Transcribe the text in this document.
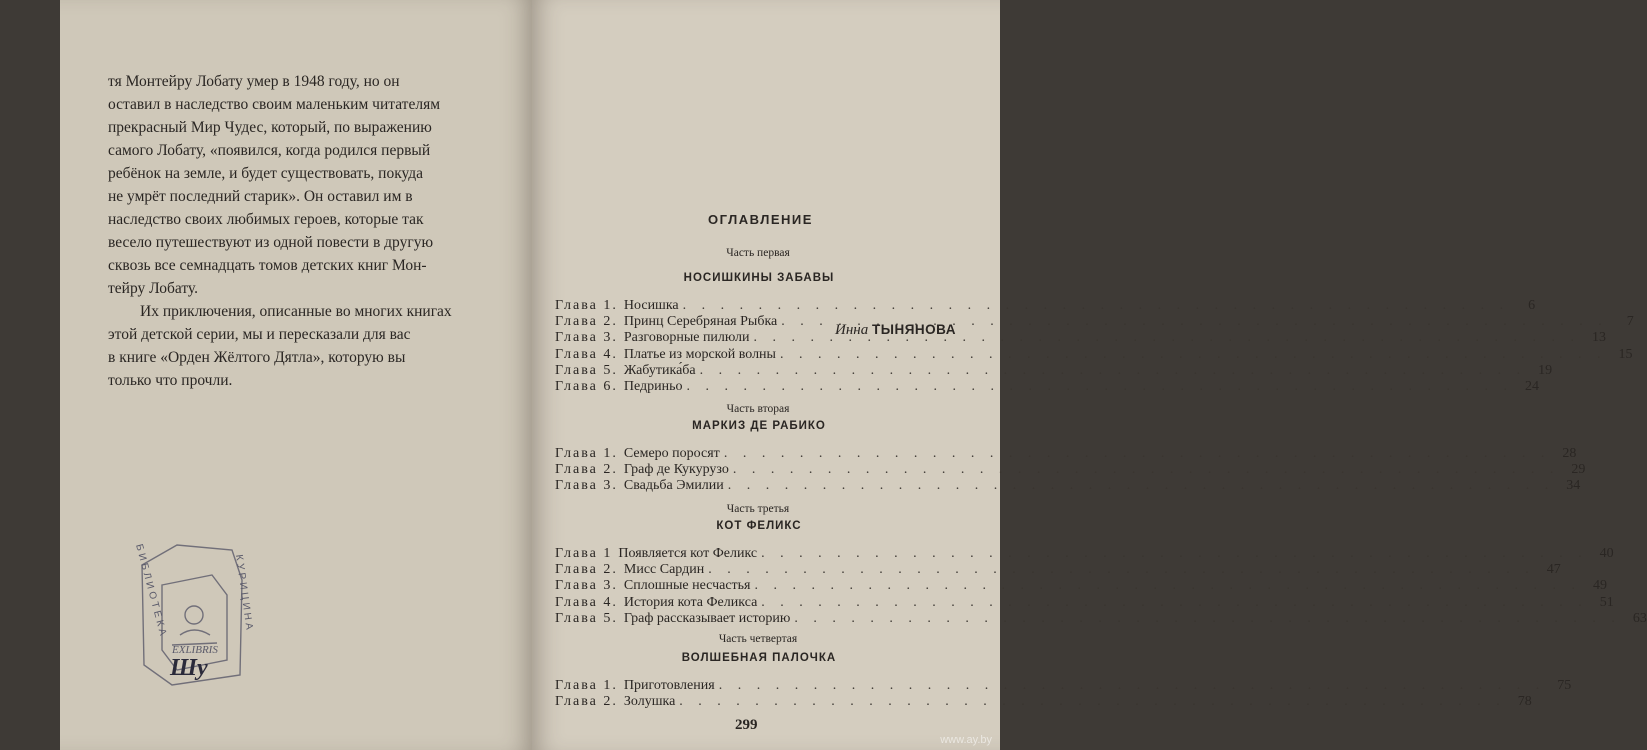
тя Монтейру Лобату умер в 1948 году, но он

оставил в наследство своим маленьким читателям

прекрасный Мир Чудес, который, по выражению

самого Лобату, «появился, когда родился первый

ребёнок на земле, и будет существовать, покуда

не умрёт последний старик». Он оставил им в

наследство своих любимых героев, которые так

весело путешествуют из одной повести в другую

сквозь все семнадцать томов детских книг Мон-

тейру Лобату.

Их приключения, описанные во многих книгах

этой детской серии, мы и пересказали для вас

в книге «Орден Жёлтого Дятла», которую вы

только что прочли.

Инна ТЫНЯНОВА
БИБЛИОТЕКА	КУРИЦИНА
EXLIBRIS
Шу
ОГЛАВЛЕНИЕ
Часть первая
НОСИШКИНЫ ЗАБАВЫ
Глава 1. Носишка . . .	6
Глава 2. Принц Серебряная Рыбка . . .	7
Глава 3. Разговорные пилюли . . .	13
Глава 4. Платье из морской волны . . .	15
Глава 5. Жабутика́ба . . .	19
Глава 6. Педриньо . . .	24
Часть вторая
МАРКИЗ ДЕ РАБИКО
Глава 1. Семеро поросят . . .	28
Глава 2. Граф де Кукурузо . . .	29
Глава 3. Свадьба Эмилии . . .	34
Часть третья
КОТ ФЕЛИКС
Глава 1 Появляется кот Феликс . . .	40
Глава 2. Мисс Сардин . . .	47
Глава 3. Сплошные несчастья . . .	49
Глава 4. История кота Феликса . . .	51
Глава 5. Граф рассказывает историю . . .	63
Часть четвертая
ВОЛШЕБНАЯ ПАЛОЧКА
Глава 1. Приготовления . . .	75
Глава 2. Золушка . . .	78
299
www.ay.by
